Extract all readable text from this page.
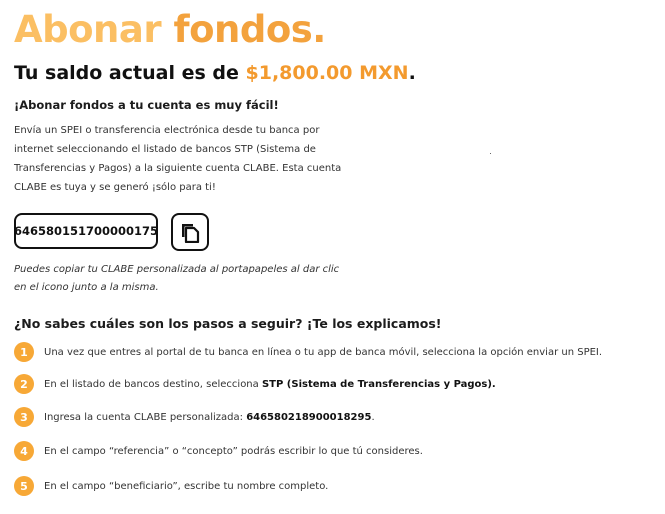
Abonar fondos.
Tu saldo actual es de $1,800.00 MXN.
¡Abonar fondos a tu cuenta es muy fácil!
Envía un SPEI o transferencia electrónica desde tu banca por internet seleccionando el listado de bancos STP (Sistema de Transferencias y Pagos) a la siguiente cuenta CLABE. Esta cuenta CLABE es tuya y se generó ¡sólo para ti!
646580151700000175
Puedes copiar tu CLABE personalizada al portapapeles al dar clic en el icono junto a la misma.
¿No sabes cuáles son los pasos a seguir? ¡Te los explicamos!
1	Una vez que entres al portal de tu banca en línea o tu app de banca móvil, selecciona la opción enviar un SPEI.
2	En el listado de bancos destino, selecciona STP (Sistema de Transferencias y Pagos).
3	Ingresa la cuenta CLABE personalizada: 646580218900018295.
4	En el campo “referencia” o “concepto” podrás escribir lo que tú consideres.
5	En el campo “beneficiario”, escribe tu nombre completo.
